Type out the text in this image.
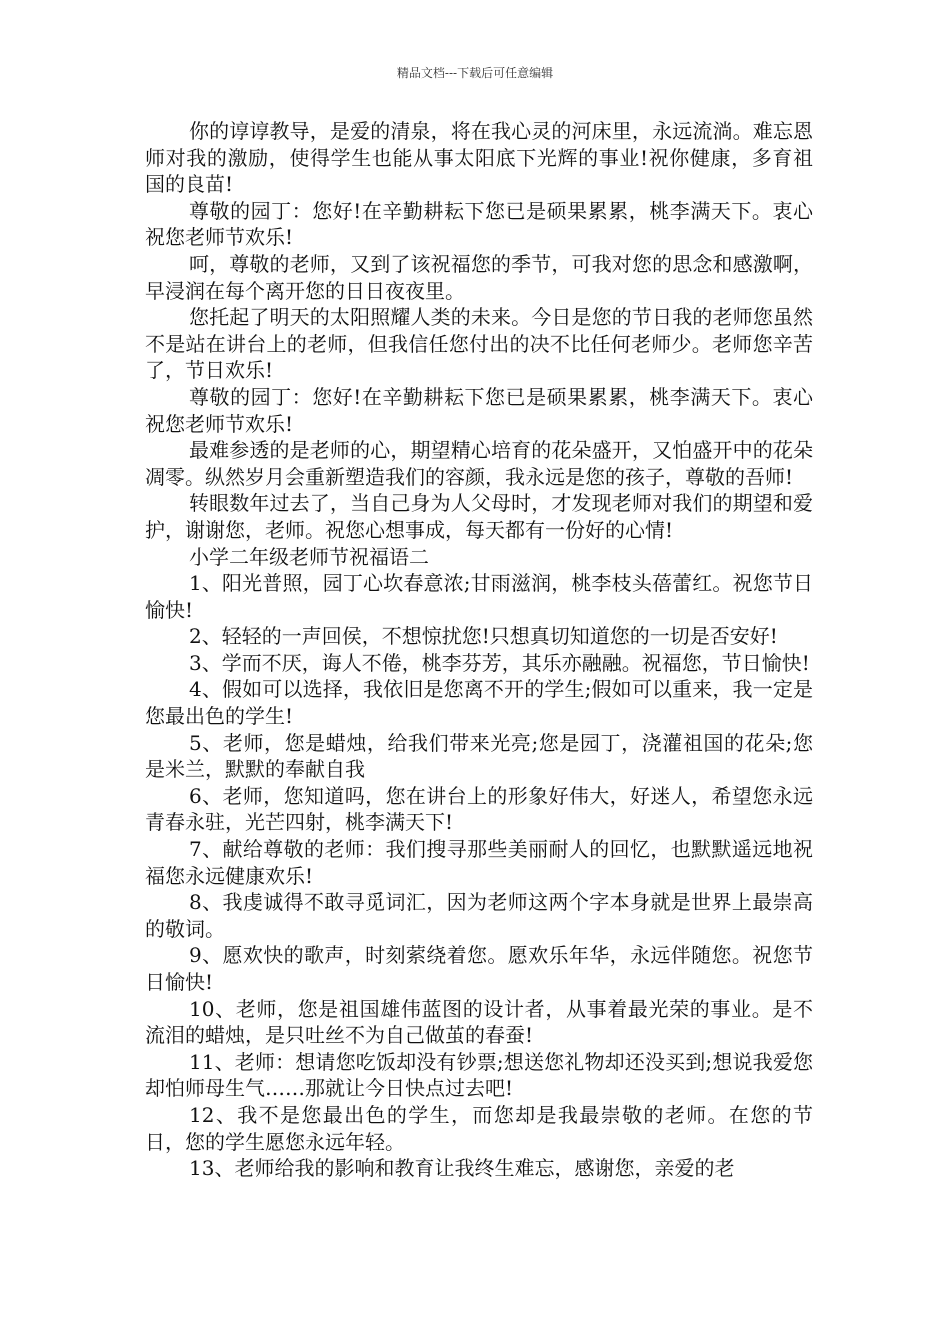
精品文档---下载后可任意编辑

你的谆谆教导，是爱的清泉，将在我心灵的河床里，永远流淌。难忘恩师对我的激励，使得学生也能从事太阳底下光辉的事业!祝你健康，多育祖国的良苗!

尊敬的园丁：您好!在辛勤耕耘下您已是硕果累累，桃李满天下。衷心祝您老师节欢乐!

呵，尊敬的老师，又到了该祝福您的季节，可我对您的思念和感激啊，早浸润在每个离开您的日日夜夜里。

您托起了明天的太阳照耀人类的未来。今日是您的节日我的老师您虽然不是站在讲台上的老师，但我信任您付出的决不比任何老师少。老师您辛苦了，节日欢乐!

尊敬的园丁：您好!在辛勤耕耘下您已是硕果累累，桃李满天下。衷心祝您老师节欢乐!

最难参透的是老师的心，期望精心培育的花朵盛开，又怕盛开中的花朵凋零。纵然岁月会重新塑造我们的容颜，我永远是您的孩子，尊敬的吾师!

转眼数年过去了，当自己身为人父母时，才发现老师对我们的期望和爱护，谢谢您，老师。祝您心想事成，每天都有一份好的心情!

小学二年级老师节祝福语二

1、阳光普照，园丁心坎春意浓;甘雨滋润，桃李枝头蓓蕾红。祝您节日愉快!

2、轻轻的一声回侯，不想惊扰您!只想真切知道您的一切是否安好!

3、学而不厌，诲人不倦，桃李芬芳，其乐亦融融。祝福您，节日愉快!

4、假如可以选择，我依旧是您离不开的学生;假如可以重来，我一定是您最出色的学生!

5、老师，您是蜡烛，给我们带来光亮;您是园丁，浇灌祖国的花朵;您是米兰，默默的奉献自我

6、老师，您知道吗，您在讲台上的形象好伟大，好迷人，希望您永远青春永驻，光芒四射，桃李满天下!

7、献给尊敬的老师：我们搜寻那些美丽耐人的回忆，也默默遥远地祝福您永远健康欢乐!

8、我虔诚得不敢寻觅词汇，因为老师这两个字本身就是世界上最崇高的敬词。

9、愿欢快的歌声，时刻萦绕着您。愿欢乐年华，永远伴随您。祝您节日愉快!

10、老师，您是祖国雄伟蓝图的设计者，从事着最光荣的事业。是不流泪的蜡烛，是只吐丝不为自己做茧的春蚕!

11、老师：想请您吃饭却没有钞票;想送您礼物却还没买到;想说我爱您却怕师母生气……那就让今日快点过去吧!

12、我不是您最出色的学生，而您却是我最崇敬的老师。在您的节日，您的学生愿您永远年轻。

13、老师给我的影响和教育让我终生难忘，感谢您，亲爱的老
